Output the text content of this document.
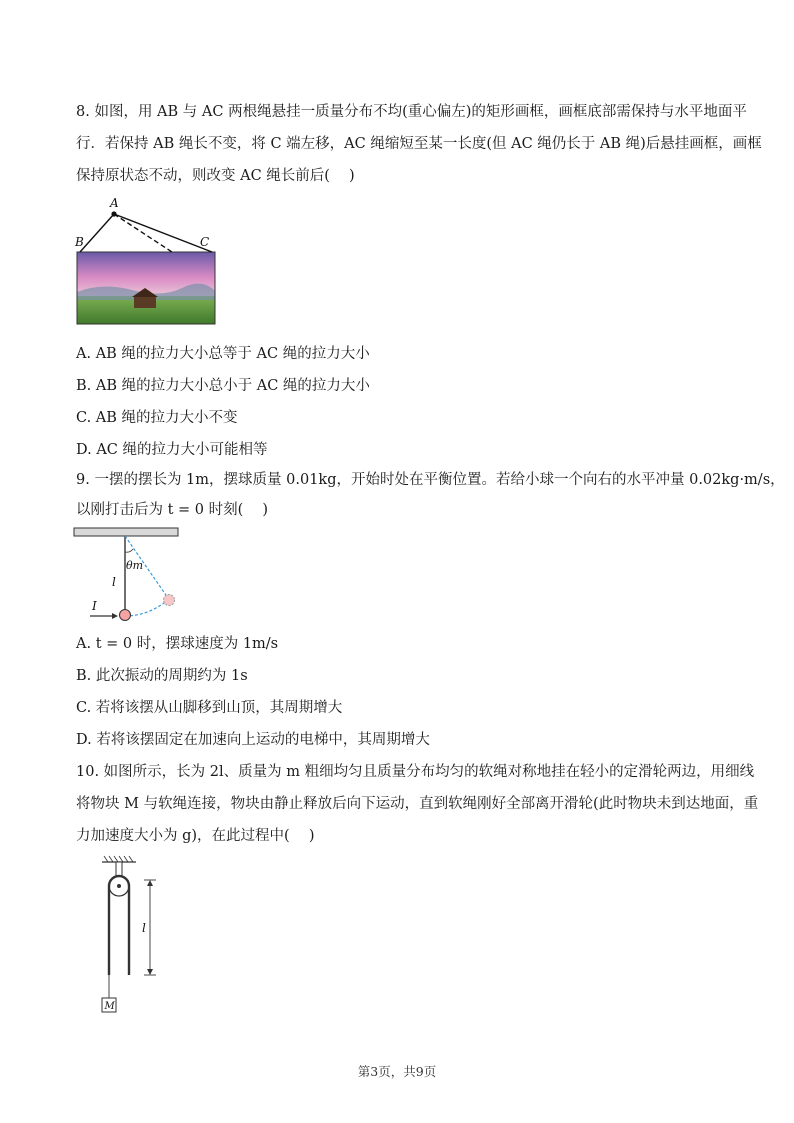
8. 如图，用 AB 与 AC 两根绳悬挂一质量分布不均(重心偏左)的矩形画框，画框底部需保持与水平地面平
行．若保持 AB 绳长不变，将 C 端左移，AC 绳缩短至某一长度(但 AC 绳仍长于 AB 绳)后悬挂画框，画框
保持原状态不动，则改变 AC 绳长前后(　 )
A
B	C
A. AB 绳的拉力大小总等于 AC 绳的拉力大小
B. AB 绳的拉力大小总小于 AC 绳的拉力大小
C. AB 绳的拉力大小不变
D. AC 绳的拉力大小可能相等
9. 一摆的摆长为 1m，摆球质量 0.01kg，开始时处在平衡位置。若给小球一个向右的水平冲量 0.02kg·m/s，
以刚打击后为 t = 0 时刻(　 )
θm
l
I
A. t = 0 时，摆球速度为 1m/s
B. 此次振动的周期约为 1s
C. 若将该摆从山脚移到山顶，其周期增大
D. 若将该摆固定在加速向上运动的电梯中，其周期增大
10. 如图所示，长为 2l、质量为 m 粗细均匀且质量分布均匀的软绳对称地挂在轻小的定滑轮两边，用细线
将物块 M 与软绳连接，物块由静止释放后向下运动，直到软绳刚好全部离开滑轮(此时物块未到达地面，重
力加速度大小为 g)，在此过程中(　 )
M
l
第3页，共9页
